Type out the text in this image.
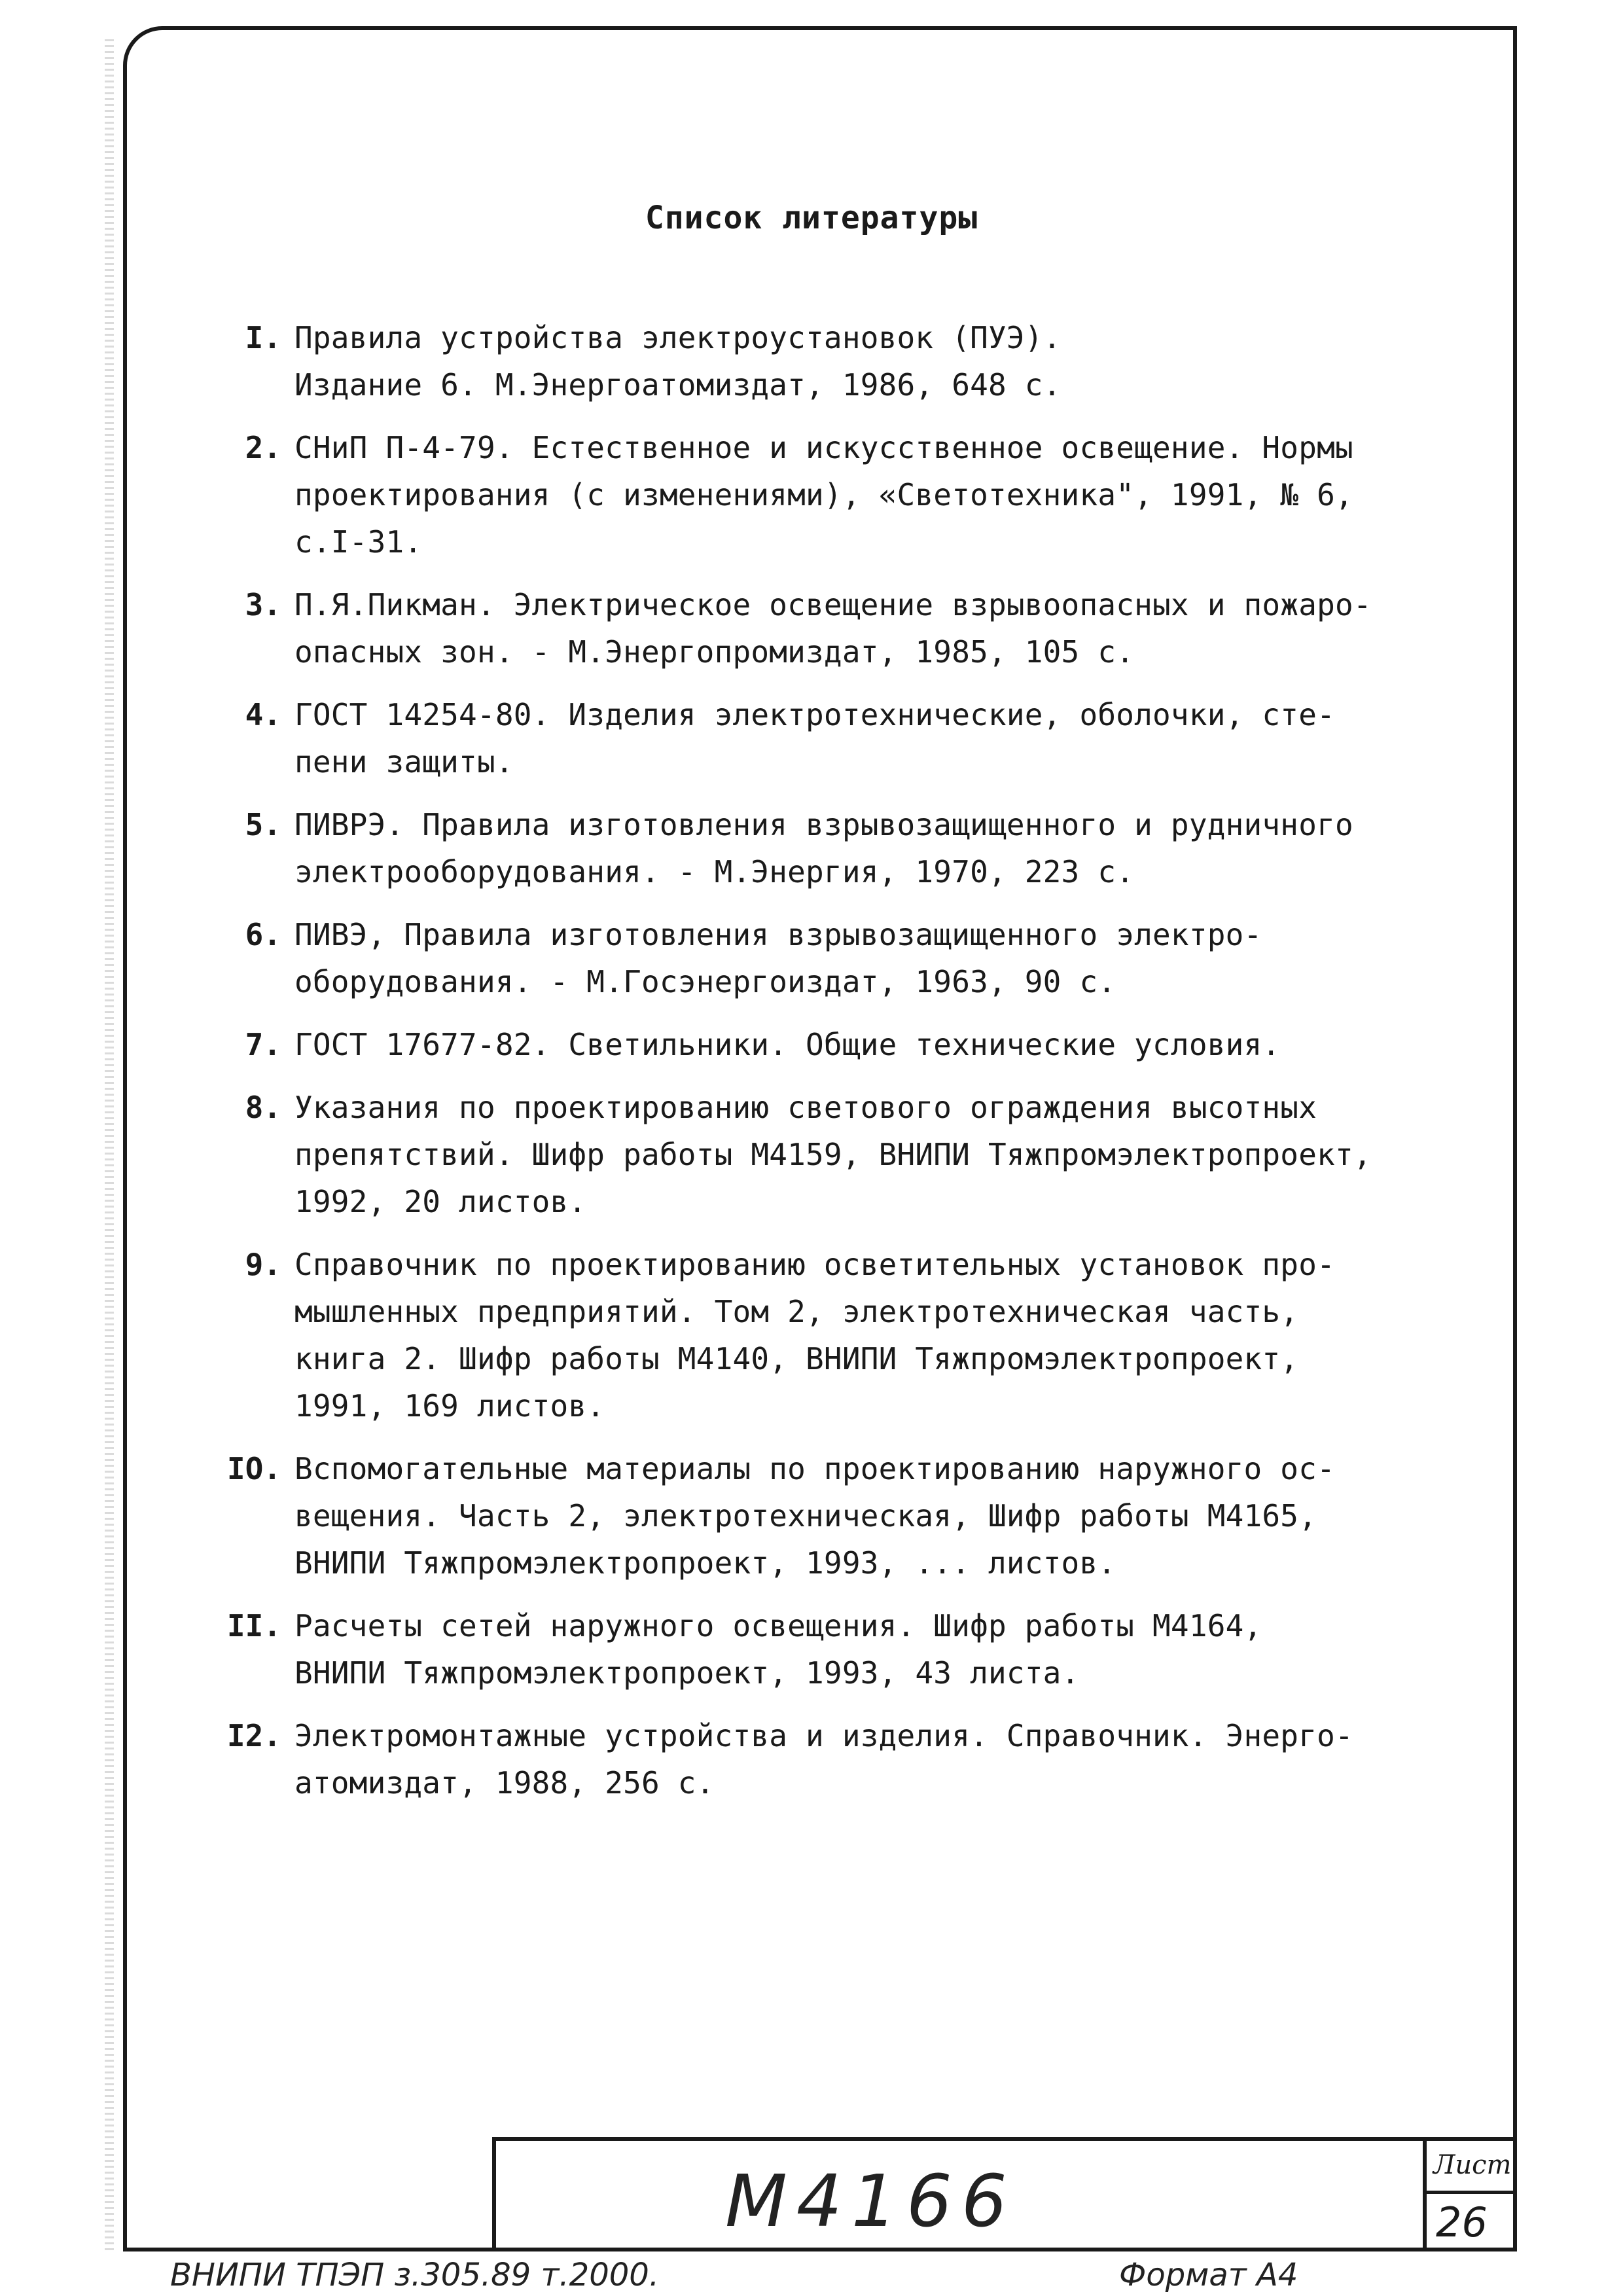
Список литературы
I. Правила устройства электроустановок (ПУЭ).
Издание 6. М.Энергоатомиздат, 1986, 648 с.
2. СНиП П-4-79. Естественное и искусственное освещение. Нормы
проектирования (с изменениями), «Светотехника", 1991, № 6,
с.I-31.
3. П.Я.Пикман. Электрическое освещение взрывоопасных и пожаро-
опасных зон. - М.Энергопромиздат, 1985, 105 с.
4. ГОСТ 14254-80. Изделия электротехнические, оболочки, сте-
пени защиты.
5. ПИВРЭ. Правила изготовления взрывозащищенного и рудничного
электрооборудования. - М.Энергия, 1970, 223 с.
6. ПИВЭ, Правила изготовления взрывозащищенного электро-
оборудования. - М.Госэнергоиздат, 1963, 90 с.
7. ГОСТ 17677-82. Светильники. Общие технические условия.
8. Указания по проектированию светового ограждения высотных
препятствий. Шифр работы М4159, ВНИПИ Тяжпромэлектропроект,
1992, 20 листов.
9. Справочник по проектированию осветительных установок про-
мышленных предприятий. Том 2, электротехническая часть,
книга 2. Шифр работы М4140, ВНИПИ Тяжпромэлектропроект,
1991, 169 листов.
IO. Вспомогательные материалы по проектированию наружного ос-
вещения. Часть 2, электротехническая, Шифр работы М4165,
ВНИПИ Тяжпромэлектропроект, 1993, ... листов.
II. Расчеты сетей наружного освещения. Шифр работы М4164,
ВНИПИ Тяжпромэлектропроект, 1993, 43 листа.
I2. Электромонтажные устройства и изделия. Справочник. Энерго-
атомиздат, 1988, 256 с.
М4166	Лист
26
ВНИПИ ТПЭП з.305.89 т.2000.	Формат А4
